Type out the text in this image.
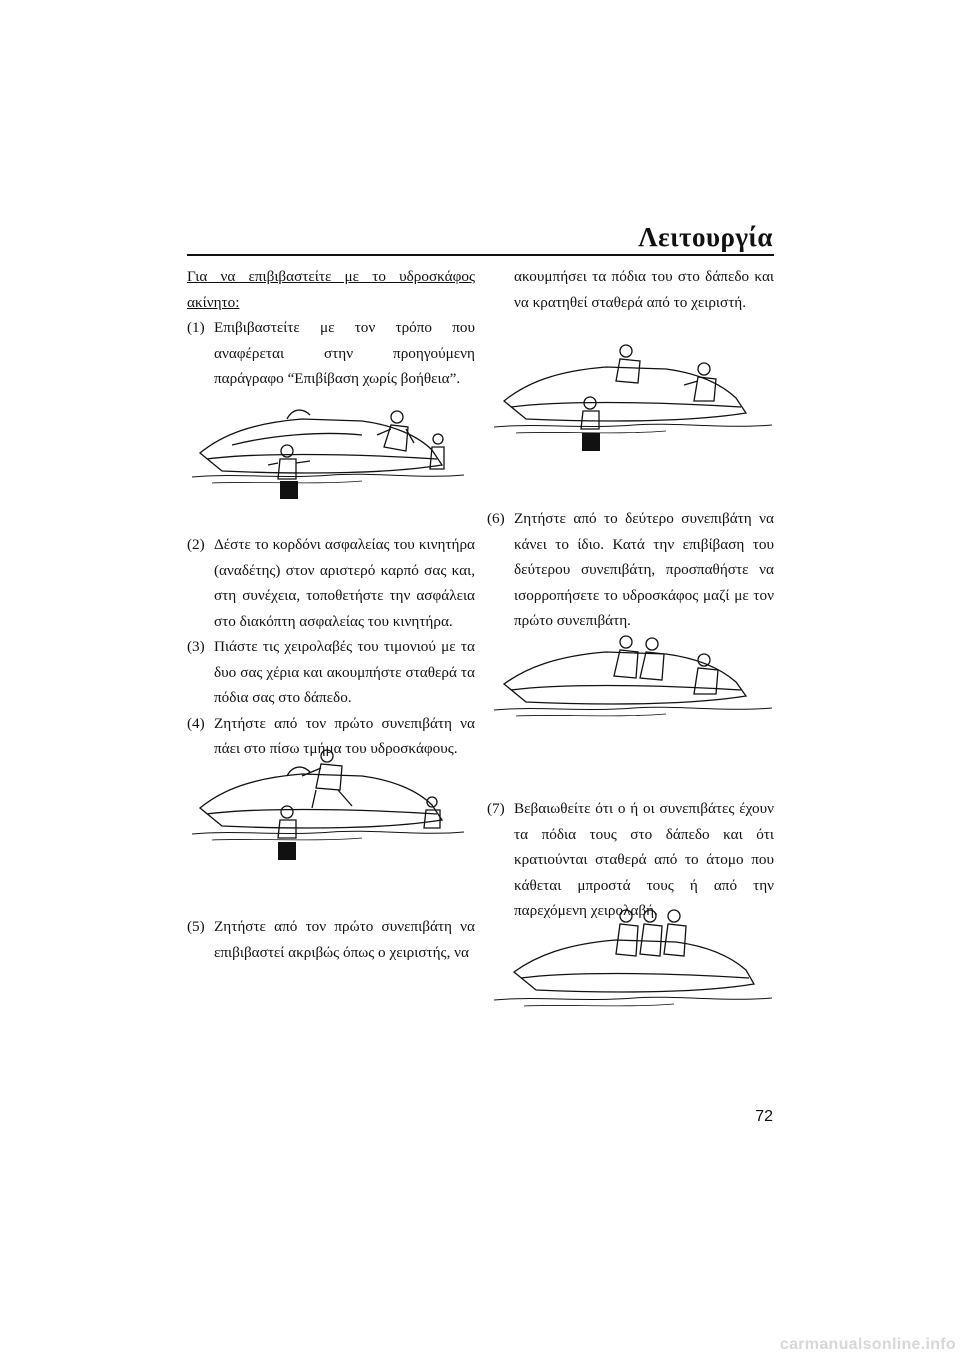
Λειτουργία
Για να επιβιβαστείτε με το υδροσκάφος ακίνητο:
(1) Επιβιβαστείτε με τον τρόπο που αναφέρεται στην προηγούμενη παράγραφο “Επιβίβαση χωρίς βοήθεια”.
(2) Δέστε το κορδόνι ασφαλείας του κινητήρα (αναδέτης) στον αριστερό καρπό σας και, στη συνέχεια, τοποθετήστε την ασφάλεια στο διακόπτη ασφαλείας του κινητήρα.
(3) Πιάστε τις χειρολαβές του τιμονιού με τα δυο σας χέρια και ακουμπήστε σταθερά τα πόδια σας στο δάπεδο.
(4) Ζητήστε από τον πρώτο συνεπιβάτη να πάει στο πίσω τμήμα του υδροσκάφους.
(5) Ζητήστε από τον πρώτο συνεπιβάτη να επιβιβαστεί ακριβώς όπως ο χειριστής, να
ακουμπήσει τα πόδια του στο δάπεδο και να κρατηθεί σταθερά από το χειριστή.
(6) Ζητήστε από το δεύτερο συνεπιβάτη να κάνει το ίδιο. Κατά την επιβίβαση του δεύτερου συνεπιβάτη, προσπαθήστε να ισορροπήσετε το υδροσκάφος μαζί με τον πρώτο συνεπιβάτη.
(7) Βεβαιωθείτε ότι ο ή οι συνεπιβάτες έχουν τα πόδια τους στο δάπεδο και ότι κρατιούνται σταθερά από το άτομο που κάθεται μπροστά τους ή από την παρεχόμενη χειρολαβή.
72
carmanualsonline.info
